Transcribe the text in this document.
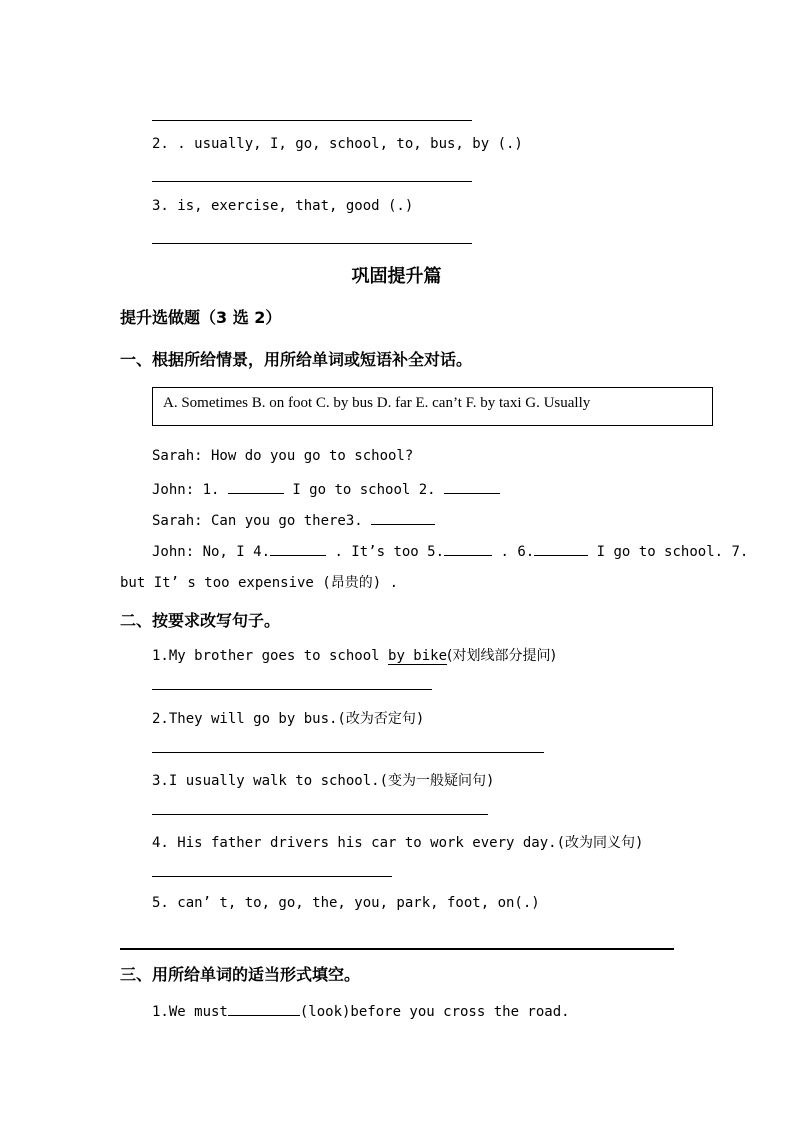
2. . usually, I, go, school, to, bus, by (.)
3. is, exercise, that, good (.)
巩固提升篇
提升选做题（3 选 2）
一、根据所给情景，用所给单词或短语补全对话。
A. Sometimes B. on foot C. by bus D. far E. can’t F. by taxi G. Usually
Sarah: How do you go to school?
John: 1.	I go to school 2.
Sarah: Can you go there3.
John: No, I 4.	. It’s too 5.	. 6.	I go to school. 7.
but It’ s too expensive (昂贵的) .
二、按要求改写句子。
1.My brother goes to school by bike(对划线部分提问)
2.They will go by bus.(改为否定句)
3.I usually walk to school.(变为一般疑问句)
4. His father drivers his car to work every day.(改为同义句)
5. can’ t, to, go, the, you, park, foot, on(.)
三、用所给单词的适当形式填空。
1.We must	(look)before you cross the road.
